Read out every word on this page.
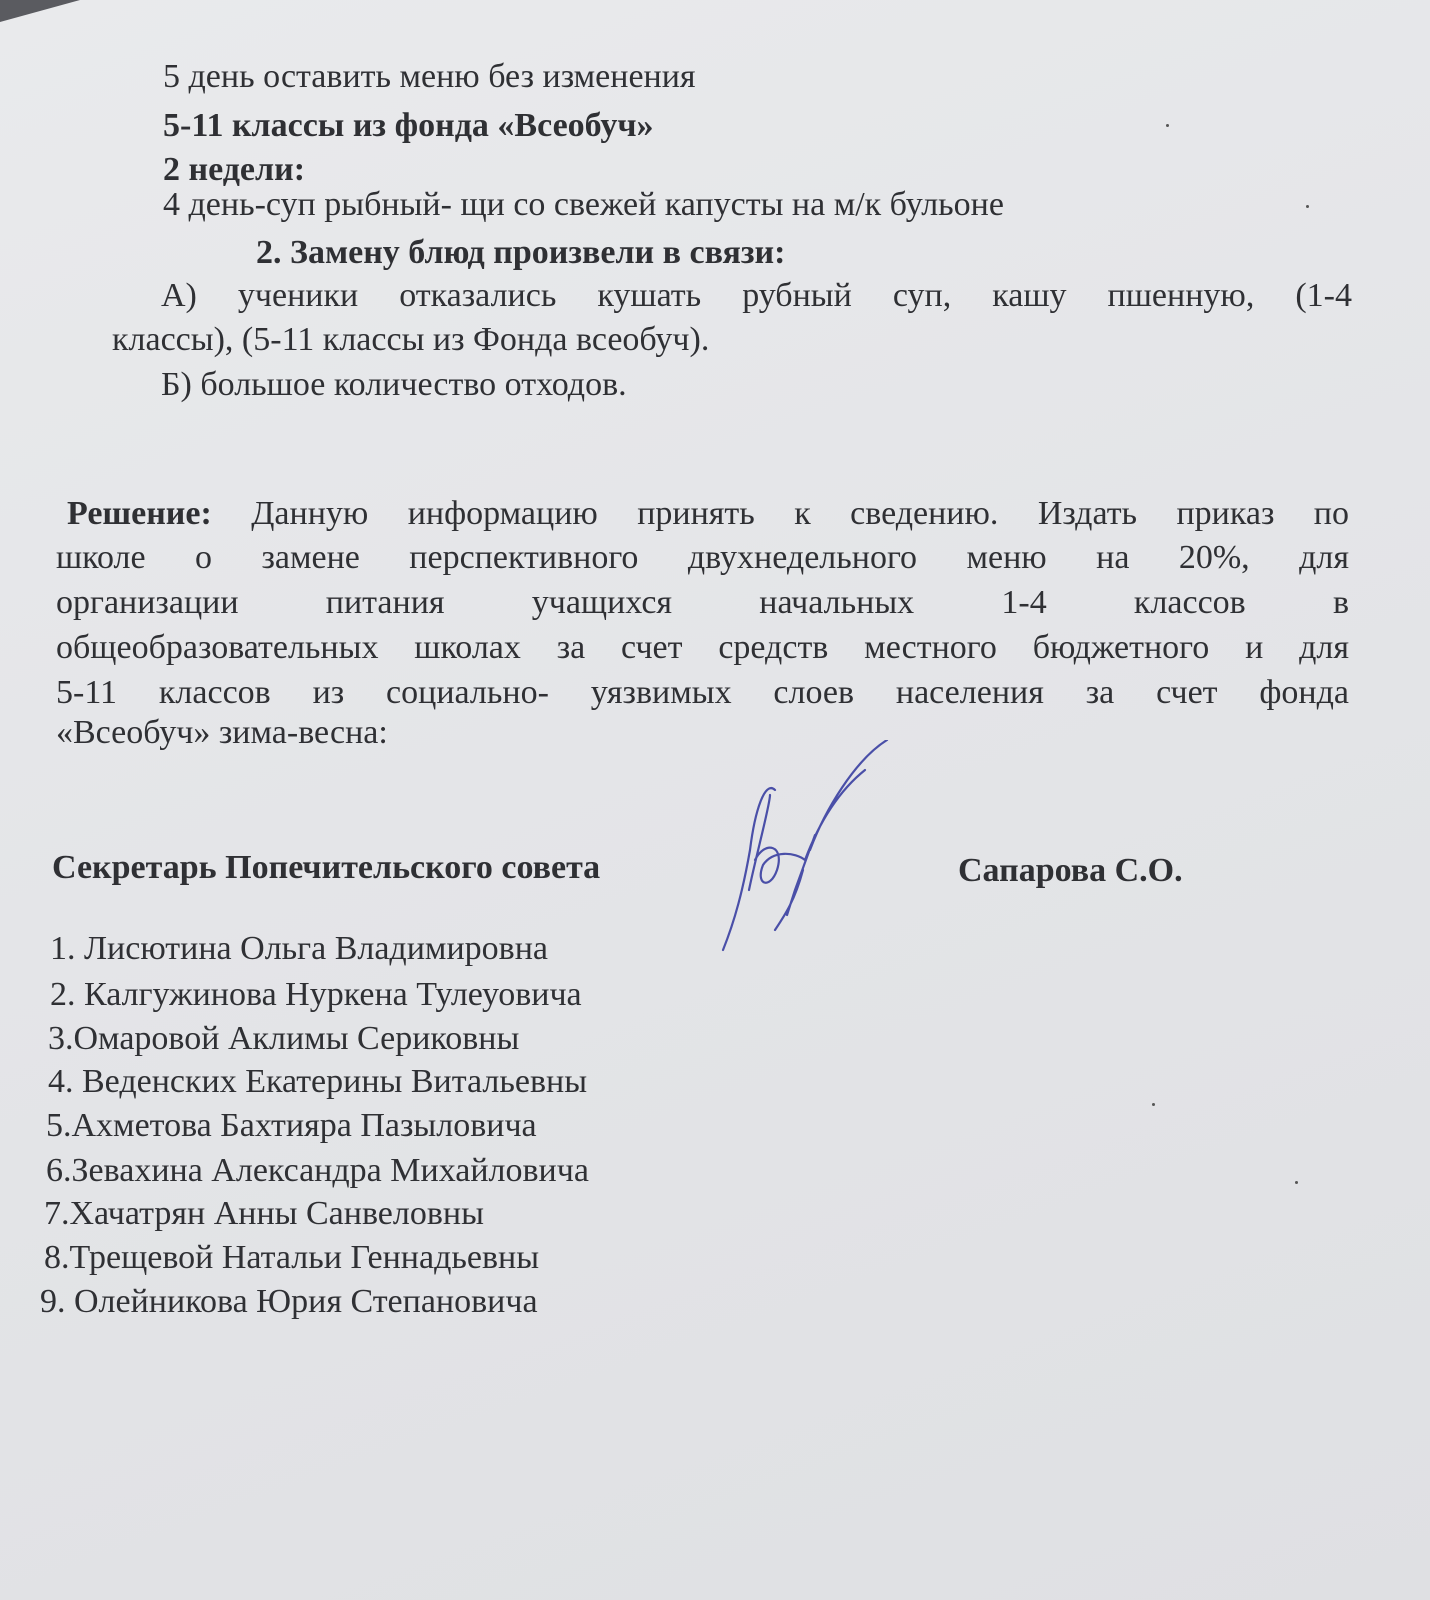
5 день оставить меню без изменения
5-11 классы из фонда «Всеобуч»
2 недели:
4 день-суп рыбный- щи со свежей капусты на м/к бульоне
2. Замену блюд произвели в связи:
А) ученики отказались кушать рубный суп, кашу пшенную, (1-4
классы), (5-11 классы из Фонда всеобуч).
Б) большое количество отходов.
Решение: Данную информацию принять к сведению. Издать приказ по
школе о замене перспективного двухнедельного меню на 20%, для
организации питания учащихся начальных 1-4 классов в
общеобразовательных школах за счет средств местного бюджетного и для
5-11 классов из социально- уязвимых слоев населения за счет фонда
«Всеобуч» зима-весна:
Секретарь Попечительского совета	Сапарова С.О.
1. Лисютина Ольга Владимировна
2. Калгужинова Нуркена Тулеуовича
3.Омаровой Аклимы Сериковны
4. Веденских Екатерины Витальевны
5.Ахметова Бахтияра Пазыловича
6.Зевахина Александра Михайловича
7.Хачатрян Анны Санвеловны
8.Трещевой Натальи Геннадьевны
9. Олейникова Юрия Степановича
